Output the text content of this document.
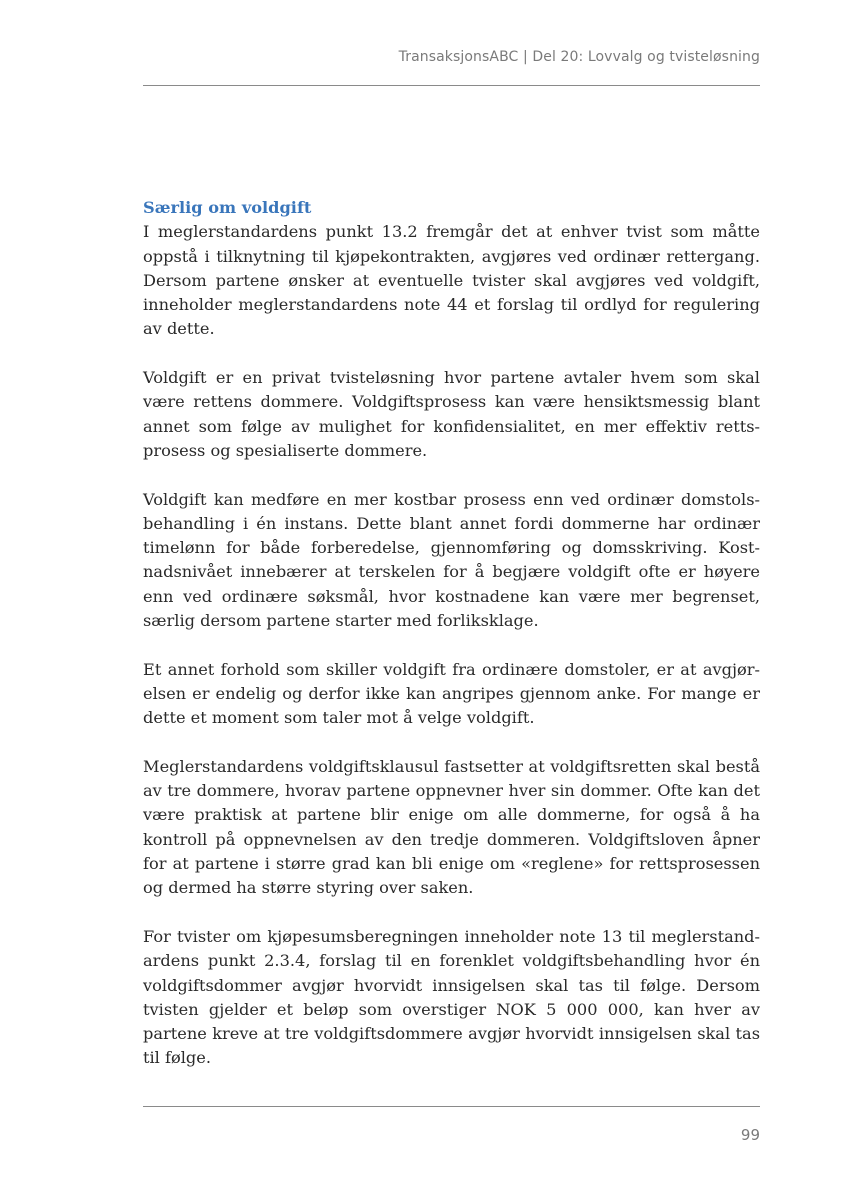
TransaksjonsABC | Del 20: Lovvalg og tvisteløsning

Særlig om voldgift

I meglerstandardens punkt 13.2 fremgår det at enhver tvist som måtte oppstå i tilknytning til kjøpekontrakten, avgjøres ved ordinær rettergang. Dersom partene ønsker at eventuelle tvister skal avgjøres ved voldgift, inneholder meglerstandardens note 44 et forslag til ordlyd for regulering av dette.

Voldgift er en privat tvisteløsning hvor partene avtaler hvem som skal være rettens dommere. Voldgiftsprosess kan være hensiktsmessig blant annet som følge av mulighet for konfidensialitet, en mer effektiv rettsprosess og spesialiserte dommere.

Voldgift kan medføre en mer kostbar prosess enn ved ordinær domstolsbehandling i én instans. Dette blant annet fordi dommerne har ordinær timelønn for både forberedelse, gjennomføring og domsskriving. Kostnadsnivået innebærer at terskelen for å begjære voldgift ofte er høyere enn ved ordinære søksmål, hvor kostnadene kan være mer begrenset, særlig dersom partene starter med forliksklage.

Et annet forhold som skiller voldgift fra ordinære domstoler, er at avgjørelsen er endelig og derfor ikke kan angripes gjennom anke. For mange er dette et moment som taler mot å velge voldgift.

Meglerstandardens voldgiftsklausul fastsetter at voldgiftsretten skal bestå av tre dommere, hvorav partene oppnevner hver sin dommer. Ofte kan det være praktisk at partene blir enige om alle dommerne, for også å ha kontroll på oppnevnelsen av den tredje dommeren. Voldgiftsloven åpner for at partene i større grad kan bli enige om «reglene» for rettsprosessen og dermed ha større styring over saken.

For tvister om kjøpesumsberegningen inneholder note 13 til meglerstandardens punkt 2.3.4, forslag til en forenklet voldgiftsbehandling hvor én voldgiftsdommer avgjør hvorvidt innsigelsen skal tas til følge. Dersom tvisten gjelder et beløp som overstiger NOK 5 000 000, kan hver av partene kreve at tre voldgiftsdommere avgjør hvorvidt innsigelsen skal tas til følge.

99
